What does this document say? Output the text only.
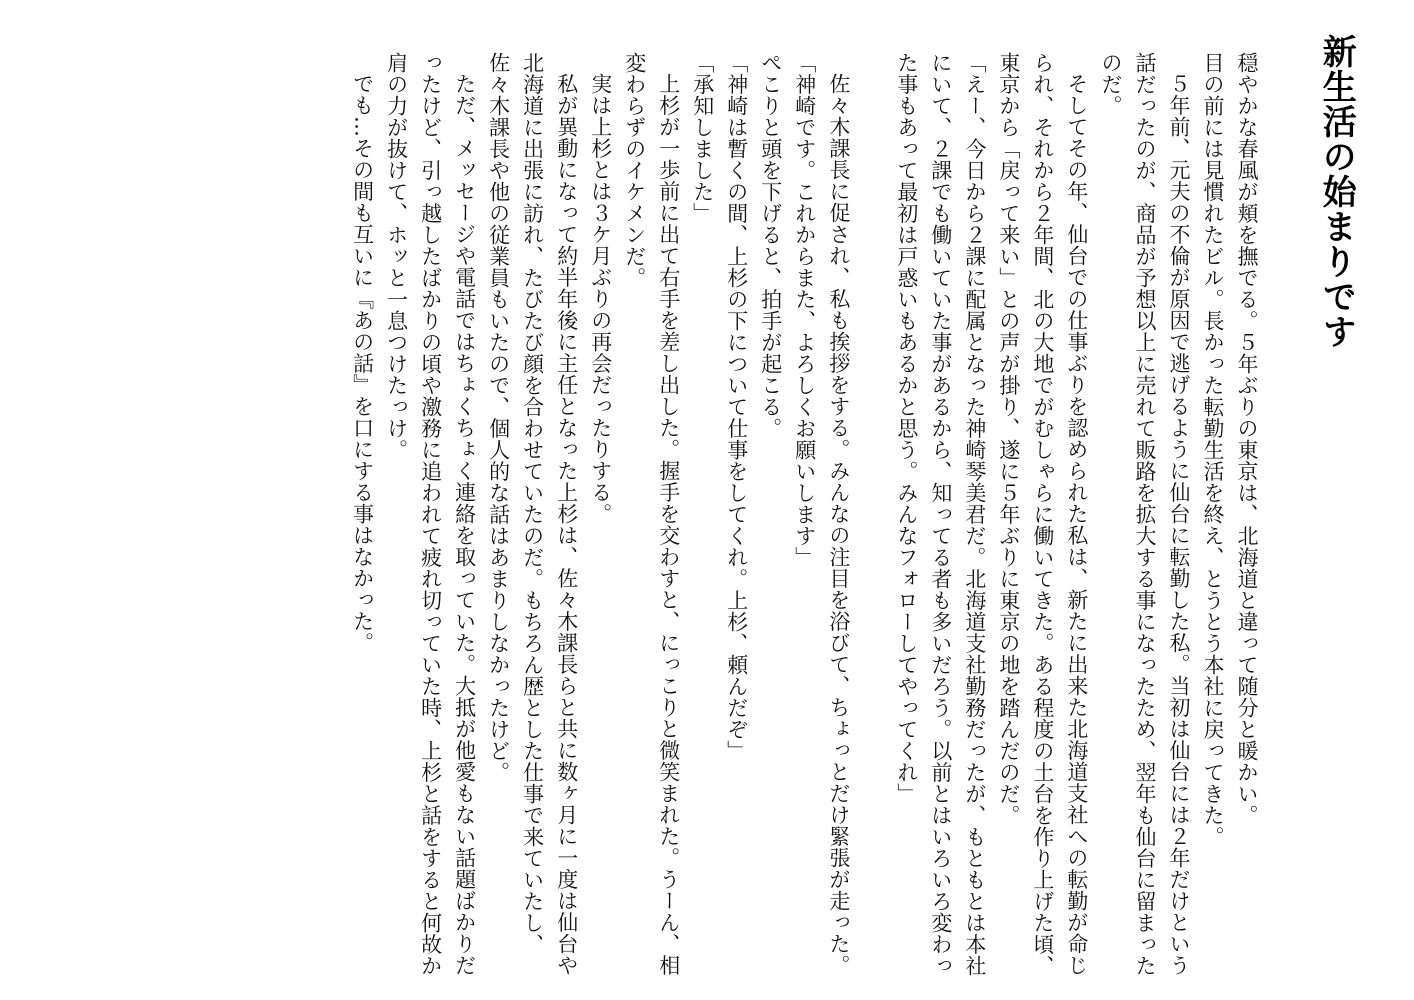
新生活の始まりです

穏やかな春風が頬を撫でる。５年ぶりの東京は、北海道と違って随分と暖かい。

目の前には見慣れたビル。長かった転勤生活を終え、とうとう本社に戻ってきた。

５年前、元夫の不倫が原因で逃げるように仙台に転勤した私。当初は仙台には２年だけという話だったのが、商品が予想以上に売れて販路を拡大する事になったため、翌年も仙台に留まったのだ。

そしてその年、仙台での仕事ぶりを認められた私は、新たに出来た北海道支社への転勤が命じられ、それから２年間、北の大地でがむしゃらに働いてきた。ある程度の土台を作り上げた頃、東京から「戻って来い」との声が掛り、遂に５年ぶりに東京の地を踏んだのだ。

「えー、今日から２課に配属となった神崎琴美君だ。北海道支社勤務だったが、もともとは本社にいて、２課でも働いていた事があるから、知ってる者も多いだろう。以前とはいろいろ変わった事もあって最初は戸惑いもあるかと思う。みんなフォローしてやってくれ」

佐々木課長に促され、私も挨拶をする。みんなの注目を浴びて、ちょっとだけ緊張が走った。

「神崎です。これからまた、よろしくお願いします」

ぺこりと頭を下げると、拍手が起こる。

「神崎は暫くの間、上杉の下について仕事をしてくれ。上杉、頼んだぞ」

「承知しました」

上杉が一歩前に出て右手を差し出した。握手を交わすと、にっこりと微笑まれた。うーん、相変わらずのイケメンだ。

実は上杉とは３ケ月ぶりの再会だったりする。

私が異動になって約半年後に主任となった上杉は、佐々木課長らと共に数ヶ月に一度は仙台や北海道に出張に訪れ、たびたび顔を合わせていたのだ。もちろん歴とした仕事で来ていたし、佐々木課長や他の従業員もいたので、個人的な話はあまりしなかったけど。

ただ、メッセージや電話ではちょくちょく連絡を取っていた。大抵が他愛もない話題ばかりだったけど、引っ越したばかりの頃や激務に追われて疲れ切っていた時、上杉と話をすると何故か肩の力が抜けて、ホッと一息つけたっけ。

でも…その間も互いに『あの話』を口にする事はなかった。
